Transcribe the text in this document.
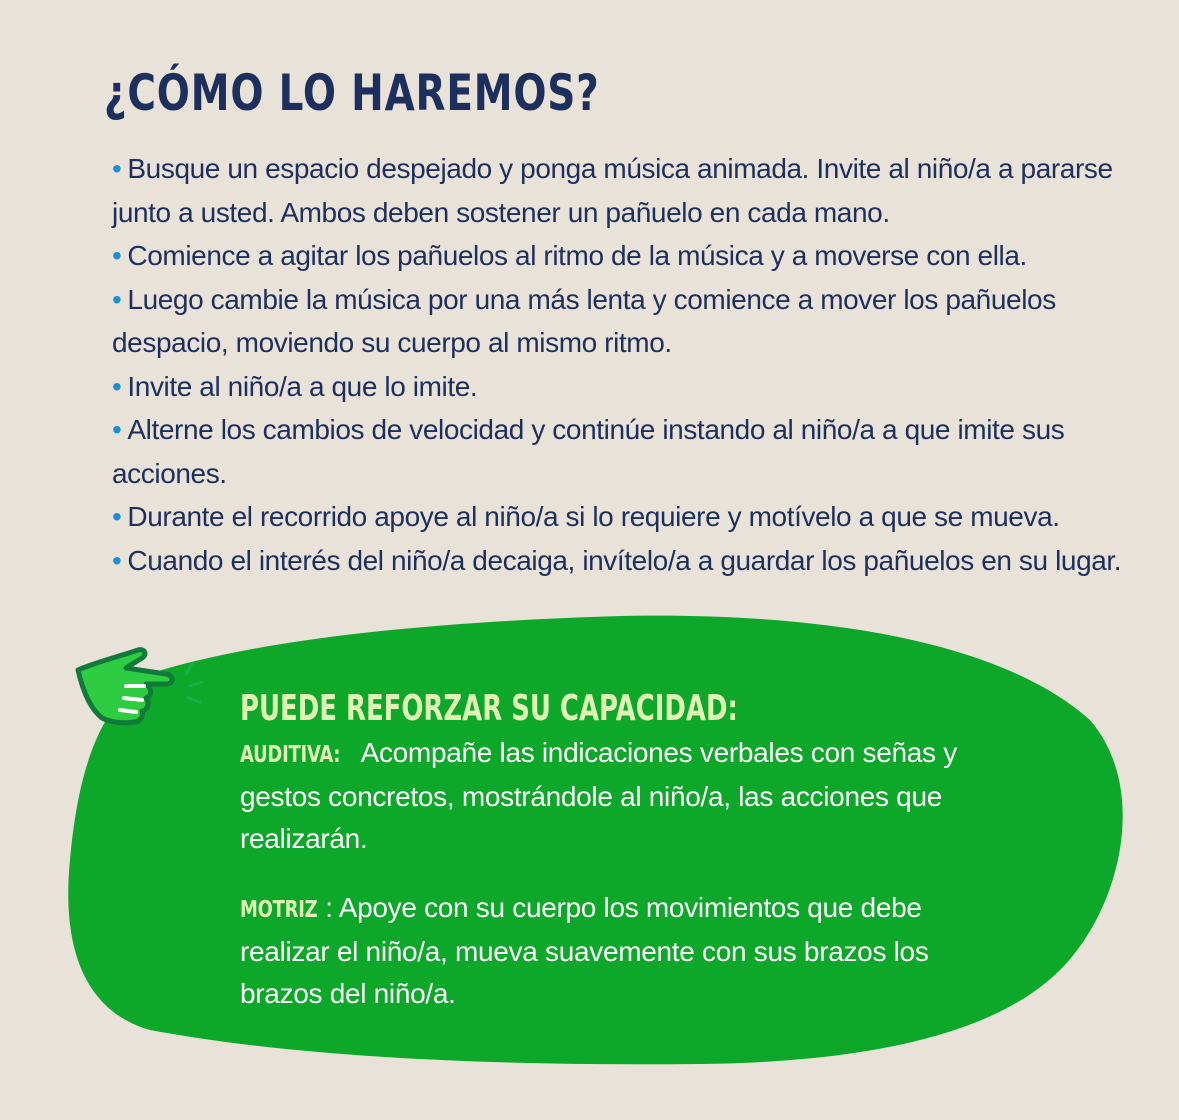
¿CÓMO LO HAREMOS?
• Busque un espacio despejado y ponga música animada. Invite al niño/a a pararse junto a usted. Ambos deben sostener un pañuelo en cada mano.
• Comience a agitar los pañuelos al ritmo de la música y a moverse con ella.
• Luego cambie la música por una más lenta y comience a mover los pañuelos despacio, moviendo su cuerpo al mismo ritmo.
• Invite al niño/a a que lo imite.
• Alterne los cambios de velocidad y continúe instando al niño/a a que imite sus acciones.
• Durante el recorrido apoye al niño/a si lo requiere y motívelo a que se mueva.
• Cuando el interés del niño/a decaiga, invítelo/a a guardar los pañuelos en su lugar.
PUEDE REFORZAR SU CAPACIDAD:

AUDITIVA: Acompañe las indicaciones verbales con señas y gestos concretos, mostrándole al niño/a, las acciones que realizarán.

MOTRIZ : Apoye con su cuerpo los movimientos que debe realizar el niño/a, mueva suavemente con sus brazos los brazos del niño/a.
